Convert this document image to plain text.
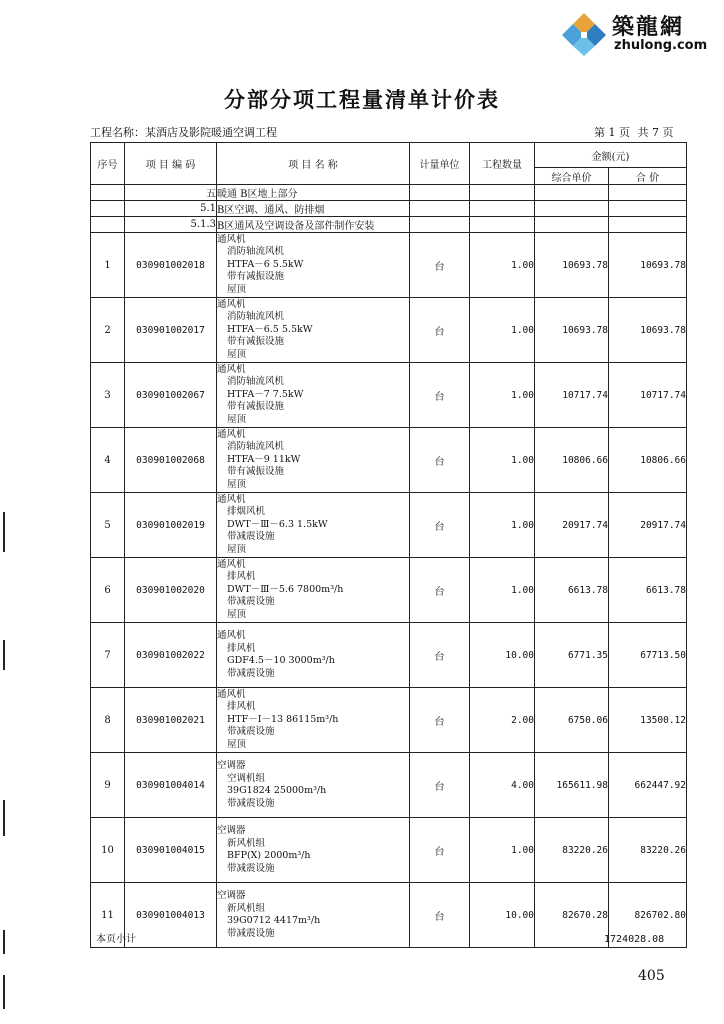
築龍網
zhulong.com
分部分项工程量清单计价表
工程名称：某酒店及影院暖通空调工程	第 1 页 共 7 页
序号	项 目 编 码	项 目 名 称	计量单位	工程数量	金额(元)	
					综合单价	合 价
	五	暖通 B区地上部分				
	5.1	B区空调、通风、防排烟				
	5.1.3	B区通风及空调设备及部件制作安装				
1	030901002018	通风机
消防轴流风机
HTFA－6 5.5kW
带有减振设施
屋顶	台	1.00	10693.78	10693.78
2	030901002017	通风机
消防轴流风机
HTFA－6.5 5.5kW
带有减振设施
屋顶	台	1.00	10693.78	10693.78
3	030901002067	通风机
消防轴流风机
HTFA－7 7.5kW
带有减振设施
屋顶	台	1.00	10717.74	10717.74
4	030901002068	通风机
消防轴流风机
HTFA－9 11kW
带有减振设施
屋顶	台	1.00	10806.66	10806.66
5	030901002019	通风机
排烟风机
DWT－Ⅲ－6.3 1.5kW
带减震设施
屋顶	台	1.00	20917.74	20917.74
6	030901002020	通风机
排风机
DWT－Ⅲ－5.6 7800m³/h
带减震设施
屋顶	台	1.00	6613.78	6613.78
7	030901002022	通风机
排风机
GDF4.5－10 3000m³/h
带减震设施	台	10.00	6771.35	67713.50
8	030901002021	通风机
排风机
HTF－Ⅰ－13 86115m³/h
带减震设施
屋顶	台	2.00	6750.06	13500.12
9	030901004014	空调器
空调机组
39G1824 25000m³/h
带减震设施	台	4.00	165611.98	662447.92
10	030901004015	空调器
新风机组
BFP(X) 2000m³/h
带减震设施	台	1.00	83220.26	83220.26
11	030901004013	空调器
新风机组
39G0712 4417m³/h
带减震设施	台	10.00	82670.28	826702.80
本页小计	1724028.08
405
